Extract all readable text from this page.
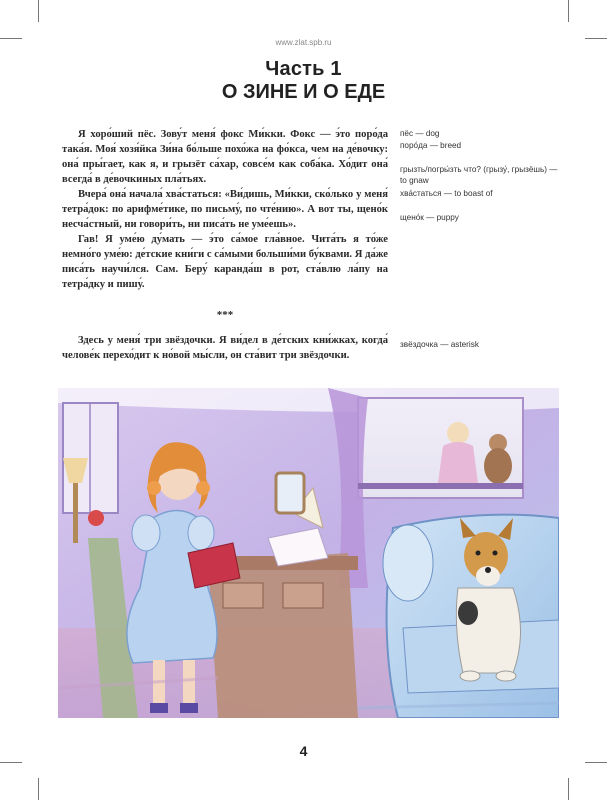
www.zlat.spb.ru
Часть 1
О ЗИНЕ И О ЕДЕ

Я хоро́ший пёс. Зову́т меня́ фокс Ми́кки. Фокс — э́то поро́да така́я. Моя́ хозя́йка Зи́на бо́льше похо́жа на фо́кса, чем на де́вочку: она́ пры́гает, как я, и грызёт са́хар, совсе́м как соба́ка. Хо́дит она́ всегда́ в де́вочкиных пла́тьях.

Вчера́ она́ начала́ хва́статься: «Ви́дишь, Ми́кки, ско́лько у меня́ тетра́док: по арифме́тике, по письму́, по чте́нию». А вот ты, щено́к несча́стный, ни говори́ть, ни писа́ть не уме́ешь».

Гав! Я уме́ю ду́мать — э́то са́мое гла́вное. Чита́ть я то́же немно́го уме́ю: де́тские кни́ги с са́мыми больши́ми бу́квами. Я да́же писа́ть научи́лся. Сам. Беру́ каранда́ш в рот, ста́влю ла́пу на тетра́дку и пишу́.

***

Здесь у меня́ три звёздочки. Я ви́дел в де́тских кни́жках, когда́ челове́к перехо́дит к но́вой мы́сли, он ста́вит три звёздочки.

пёс — dog
поро́да — breed
грызть/погры́зть что? (грызу́, грызёшь) — to gnaw
хва́статься — to boast of
щено́к — puppy
звёздочка — asterisk
4
